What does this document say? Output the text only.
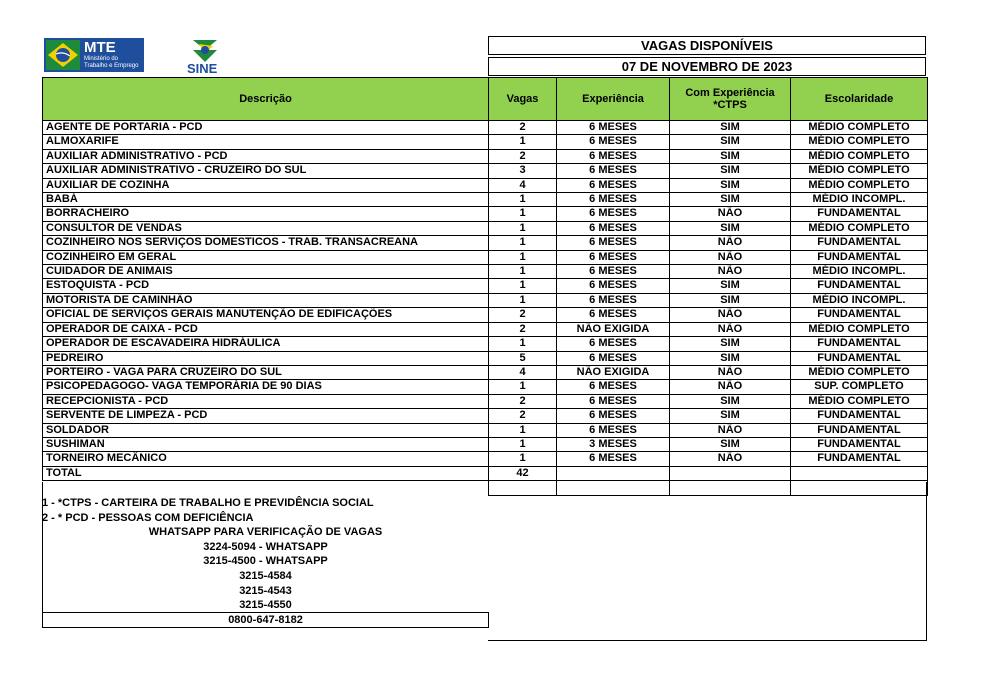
MTE
Ministério do
Trabalho e Emprego	SINE
VAGAS DISPONÍVEIS
07 DE NOVEMBRO DE 2023
Descrição	Vagas	Experiência	Com Experiência *CTPS	Escolaridade
AGENTE DE PORTARIA - PCD	2	6 MESES	SIM	MÉDIO COMPLETO
ALMOXARIFE	1	6 MESES	SIM	MÉDIO COMPLETO
AUXILIAR ADMINISTRATIVO - PCD	2	6 MESES	SIM	MÉDIO COMPLETO
AUXILIAR ADMINISTRATIVO - CRUZEIRO DO SUL	3	6 MESES	SIM	MÉDIO COMPLETO
AUXILIAR DE COZINHA	4	6 MESES	SIM	MÉDIO COMPLETO
BABÁ	1	6 MESES	SIM	MÉDIO INCOMPL.
BORRACHEIRO	1	6 MESES	NÃO	FUNDAMENTAL
CONSULTOR DE VENDAS	1	6 MESES	SIM	MÉDIO COMPLETO
COZINHEIRO NOS SERVIÇOS DOMESTICOS - TRAB. TRANSACREANA	1	6 MESES	NÃO	FUNDAMENTAL
COZINHEIRO EM GERAL	1	6 MESES	NÃO	FUNDAMENTAL
CUIDADOR DE ANIMAIS	1	6 MESES	NÃO	MÉDIO INCOMPL.
ESTOQUISTA - PCD	1	6 MESES	SIM	FUNDAMENTAL
MOTORISTA DE CAMINHÃO	1	6 MESES	SIM	MÉDIO INCOMPL.
OFICIAL DE SERVIÇOS GERAIS MANUTENÇÃO DE EDIFICAÇÕES	2	6 MESES	NÃO	FUNDAMENTAL
OPERADOR DE CAIXA - PCD	2	NÃO EXIGIDA	NÃO	MÉDIO COMPLETO
OPERADOR DE ESCAVADEIRA HIDRÁULICA	1	6 MESES	SIM	FUNDAMENTAL
PEDREIRO	5	6 MESES	SIM	FUNDAMENTAL
PORTEIRO - VAGA PARA CRUZEIRO DO SUL	4	NÃO EXIGIDA	NÃO	MÉDIO COMPLETO
PSICOPEDAGOGO- VAGA TEMPORÁRIA DE 90 DIAS	1	6 MESES	NÃO	SUP. COMPLETO
RECEPCIONISTA - PCD	2	6 MESES	SIM	MÉDIO COMPLETO
SERVENTE DE LIMPEZA - PCD	2	6 MESES	SIM	FUNDAMENTAL
SOLDADOR	1	6 MESES	NÃO	FUNDAMENTAL
SUSHIMAN	1	3 MESES	SIM	FUNDAMENTAL
TORNEIRO MECÂNICO	1	6 MESES	NÃO	FUNDAMENTAL
TOTAL	42			

1 - *CTPS - CARTEIRA DE TRABALHO E PREVIDÊNCIA SOCIAL
2 - * PCD - PESSOAS COM DEFICIÊNCIA
WHATSAPP PARA VERIFICAÇÃO DE VAGAS
3224-5094 - WHATSAPP
3215-4500 - WHATSAPP
3215-4584
3215-4543
3215-4550
0800-647-8182
